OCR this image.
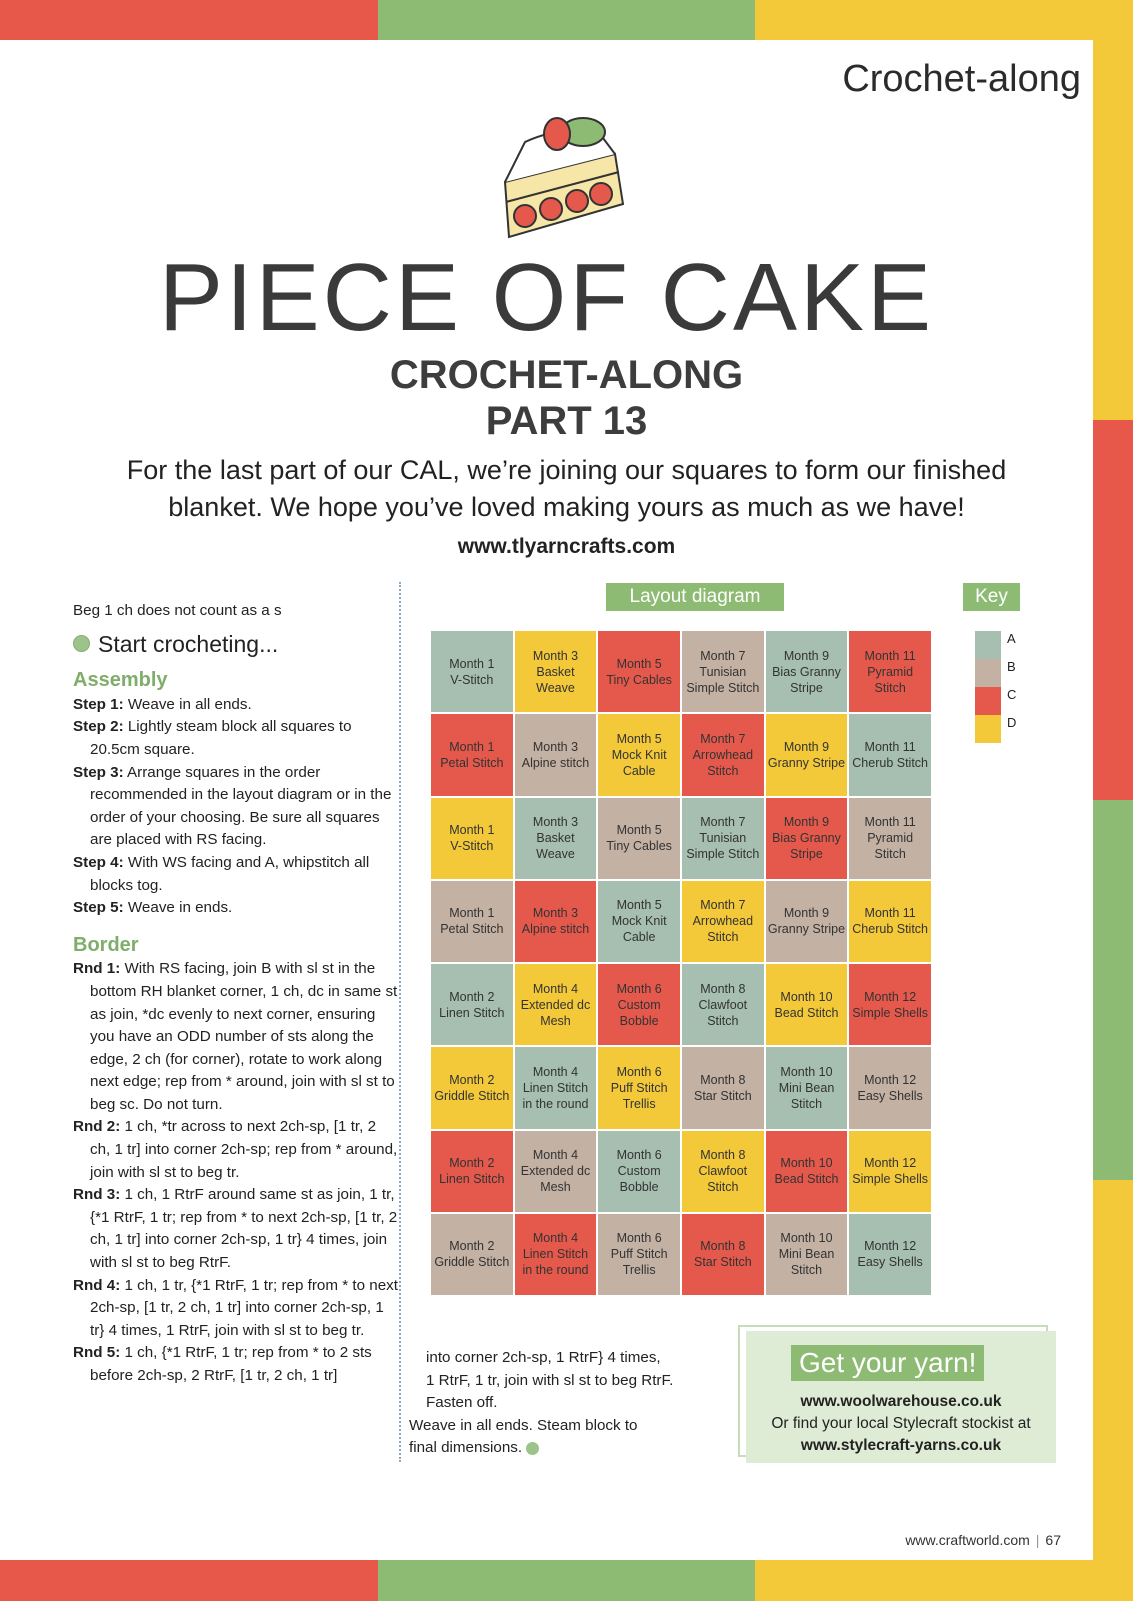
Crochet-along
PIECE OF CAKE
CROCHET-ALONG
PART 13
For the last part of our CAL, we’re joining our squares to form our finished
blanket. We hope you’ve loved making yours as much as we have!
www.tlyarncrafts.com

Beg 1 ch does not count as a s

Start crocheting...
Assembly

Step 1: Weave in all ends.

Step 2: Lightly steam block all squares to 20.5cm square.

Step 3: Arrange squares in the order recommended in the layout diagram or in the order of your choosing. Be sure all squares are placed with RS facing.

Step 4: With WS facing and A, whipstitch all blocks tog.

Step 5: Weave in ends.

Border

Rnd 1: With RS facing, join B with sl st in the bottom RH blanket corner, 1 ch, dc in same st as join, *dc evenly to next corner, ensuring you have an ODD number of sts along the edge, 2 ch (for corner), rotate to work along next edge; rep from * around, join with sl st to beg sc. Do not turn.

Rnd 2: 1 ch, *tr across to next 2ch-sp, [1 tr, 2 ch, 1 tr] into corner 2ch-sp; rep from * around, join with sl st to beg tr.

Rnd 3: 1 ch, 1 RtrF around same st as join, 1 tr, {*1 RtrF, 1 tr; rep from * to next 2ch-sp, [1 tr, 2 ch, 1 tr] into corner 2ch-sp, 1 tr} 4 times, join with sl st to beg RtrF.

Rnd 4: 1 ch, 1 tr, {*1 RtrF, 1 tr; rep from * to next 2ch-sp, [1 tr, 2 ch, 1 tr] into corner 2ch-sp, 1 tr} 4 times, 1 RtrF, join with sl st to beg tr.

Rnd 5: 1 ch, {*1 RtrF, 1 tr; rep from * to 2 sts before 2ch-sp, 2 RtrF, [1 tr, 2 ch, 1 tr]

Layout diagram	Key
Month 1
V-Stitch
Month 3
Basket Weave
Month 5
Tiny Cables
Month 7
Tunisian
Simple Stitch
Month 9
Bias Granny
Stripe
Month 11
Pyramid
Stitch
Month 1
Petal Stitch
Month 3
Alpine stitch
Month 5
Mock Knit
Cable
Month 7
Arrowhead
Stitch
Month 9
Granny Stripe
Month 11
Cherub Stitch
Month 1
V-Stitch
Month 3
Basket Weave
Month 5
Tiny Cables
Month 7
Tunisian
Simple Stitch
Month 9
Bias Granny
Stripe
Month 11
Pyramid
Stitch
Month 1
Petal Stitch
Month 3
Alpine stitch
Month 5
Mock Knit
Cable
Month 7
Arrowhead
Stitch
Month 9
Granny Stripe
Month 11
Cherub Stitch
Month 2
Linen Stitch
Month 4
Extended dc
Mesh
Month 6
Custom
Bobble
Month 8
Clawfoot
Stitch
Month 10
Bead Stitch
Month 12
Simple Shells
Month 2
Griddle Stitch
Month 4
Linen Stitch
in the round
Month 6
Puff Stitch
Trellis
Month 8
Star Stitch
Month 10
Mini Bean
Stitch
Month 12
Easy Shells
Month 2
Linen Stitch
Month 4
Extended dc
Mesh
Month 6
Custom
Bobble
Month 8
Clawfoot
Stitch
Month 10
Bead Stitch
Month 12
Simple Shells
Month 2
Griddle Stitch
Month 4
Linen Stitch
in the round
Month 6
Puff Stitch
Trellis
Month 8
Star Stitch
Month 10
Mini Bean
Stitch
Month 12
Easy Shells
A
B
C
D

into corner 2ch-sp, 1 RtrF} 4 times,

1 RtrF, 1 tr, join with sl st to beg RtrF.

Fasten off.

Weave in all ends. Steam block to

final dimensions.

Get your yarn!
www.woolwarehouse.co.uk
Or find your local Stylecraft stockist at
www.stylecraft-yarns.co.uk
www.craftworld.com | 67
